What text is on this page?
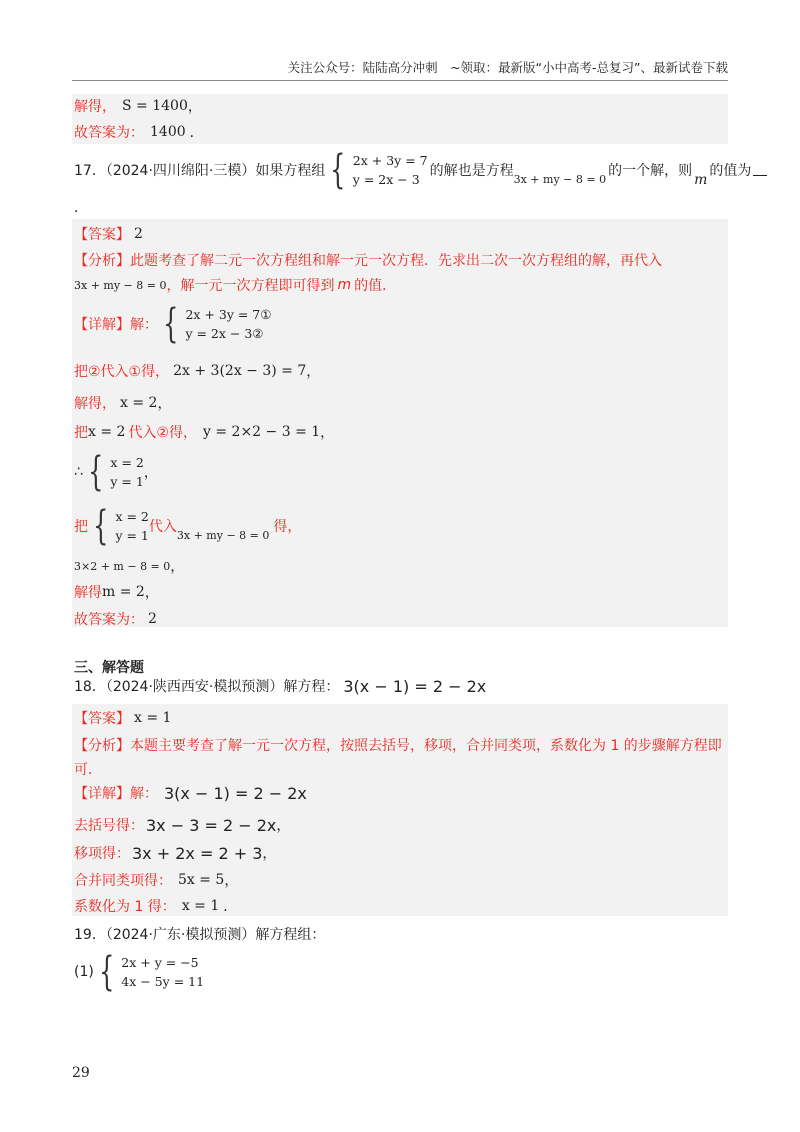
关注公众号：陆陆高分冲刺　~领取：最新版“小中高考-总复习”、最新试卷下载
解得， S = 1400 ，
故答案为： 1400 ．
17．（2024·四川绵阳·三模）如果方程组 { 2x + 3y = 7
y = 2x − 3
的解也是方程 3x + my − 8 = 0 的一个解，则
m
的值为
．
【答案】 2
【分析】 此题考查了解二元一次方程组和解一元一次方程．先求出二次一次方程组的解，再代入
3x + my − 8 = 0 ，解一元一次方程即可得到 m 的值．
【详解】 解： { 2x + 3y = 7①
y = 2x − 3②
把②代入①得， 2x + 3(2x − 3) = 7 ，
解得， x = 2 ，
把 x = 2 代入②得， y = 2×2 − 3 = 1 ，
∴ { x = 2
y = 1
，
把 { x = 2
y = 1
代入 3x + my − 8 = 0 得，
3×2 + m − 8 = 0 ，
解得 m = 2 ，
故答案为： 2
三、解答题
18．（2024·陕西西安·模拟预测）解方程： 3(x − 1) = 2 − 2x
【答案】 x = 1
【分析】 本题主要考查了解一元一次方程，按照去括号，移项，合并同类项，系数化为 1 的步骤解方程即
可．
【详解】 解： 3(x − 1) = 2 − 2x
去括号得： 3x − 3 = 2 − 2x ，
移项得： 3x + 2x = 2 + 3 ，
合并同类项得： 5x = 5 ，
系数化为 1 得： x = 1 ．
19．（2024·广东·模拟预测）解方程组：
(1) { 2x + y = −5
4x − 5y = 11
29
